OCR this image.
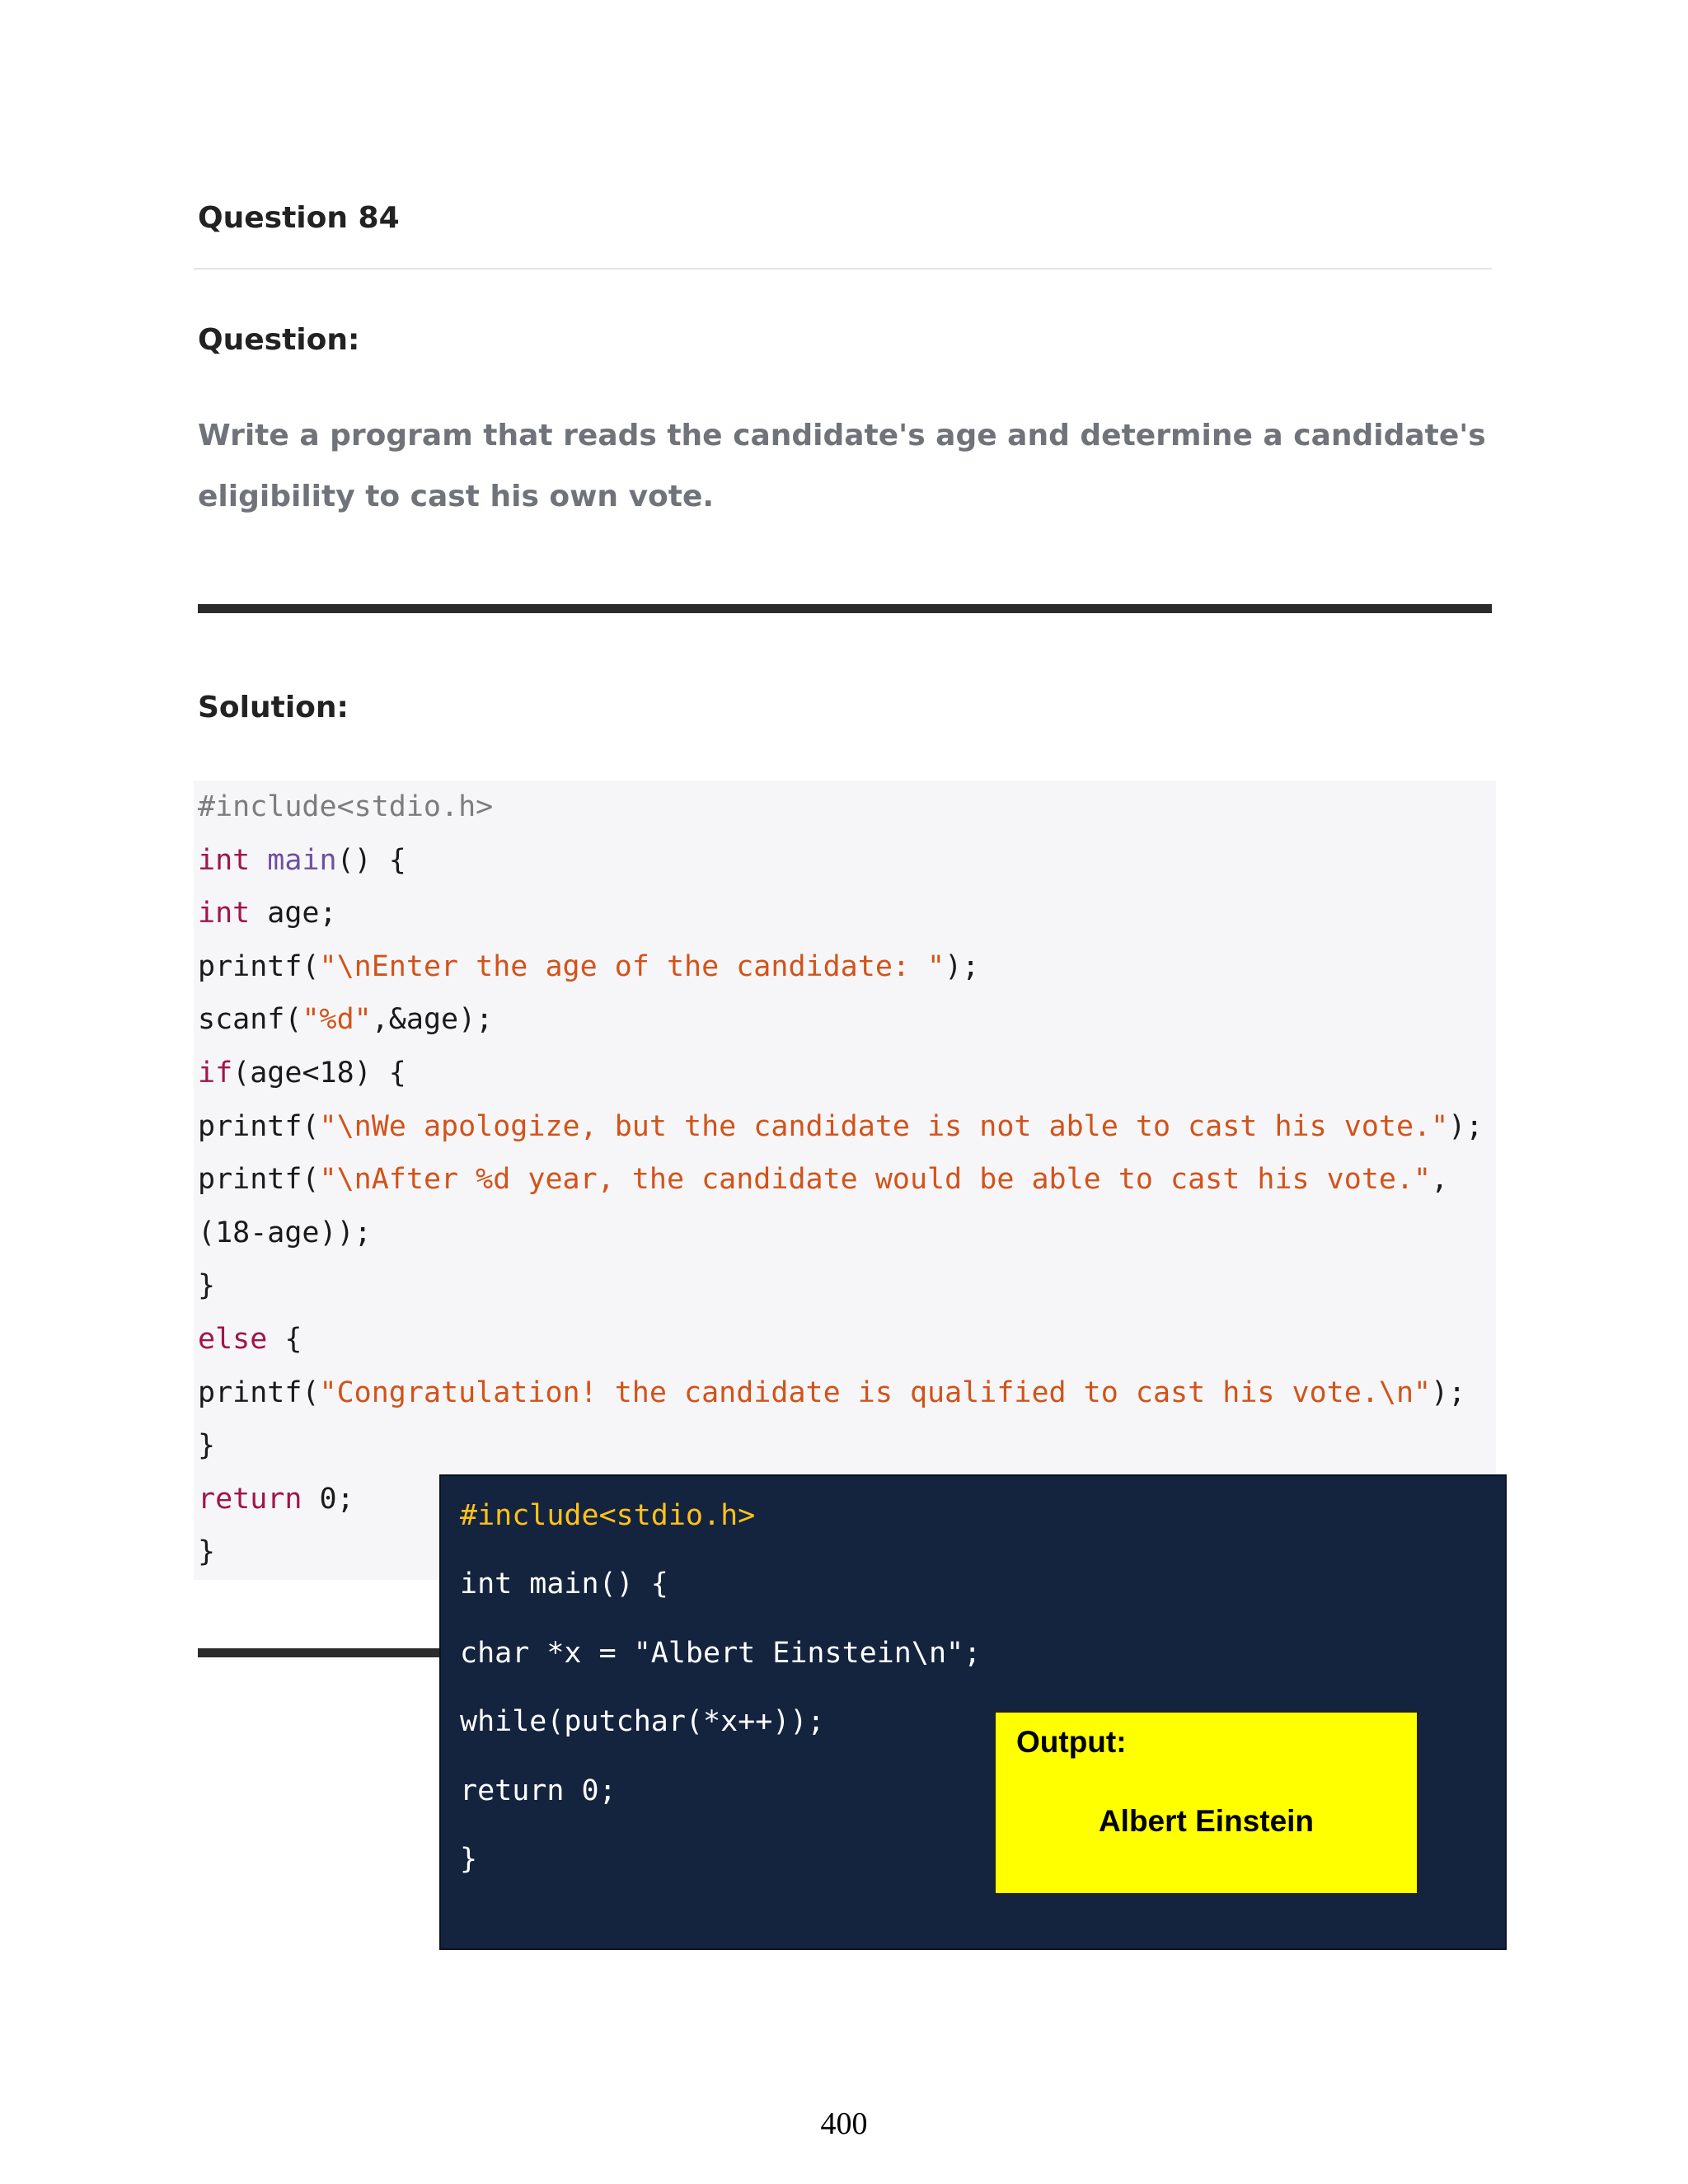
Question 84
Question:
Write a program that reads the candidate's age and determine a candidate's eligibility to cast his own vote.
Solution:
#include<stdio.h>
int main() {
int age;
printf("\nEnter the age of the candidate: ");
scanf("%d",&age);
if(age<18) {
printf("\nWe apologize, but the candidate is not able to cast his vote.");
printf("\nAfter %d year, the candidate would be able to cast his vote.", (18-age));
}
else {
printf("Congratulation! the candidate is qualified to cast his vote.\n");
}
return 0;
}
#include<stdio.h>
int main() {
char *x = "Albert Einstein\n";
while(putchar(*x++));
return 0;
}
Output:
Albert Einstein
400
